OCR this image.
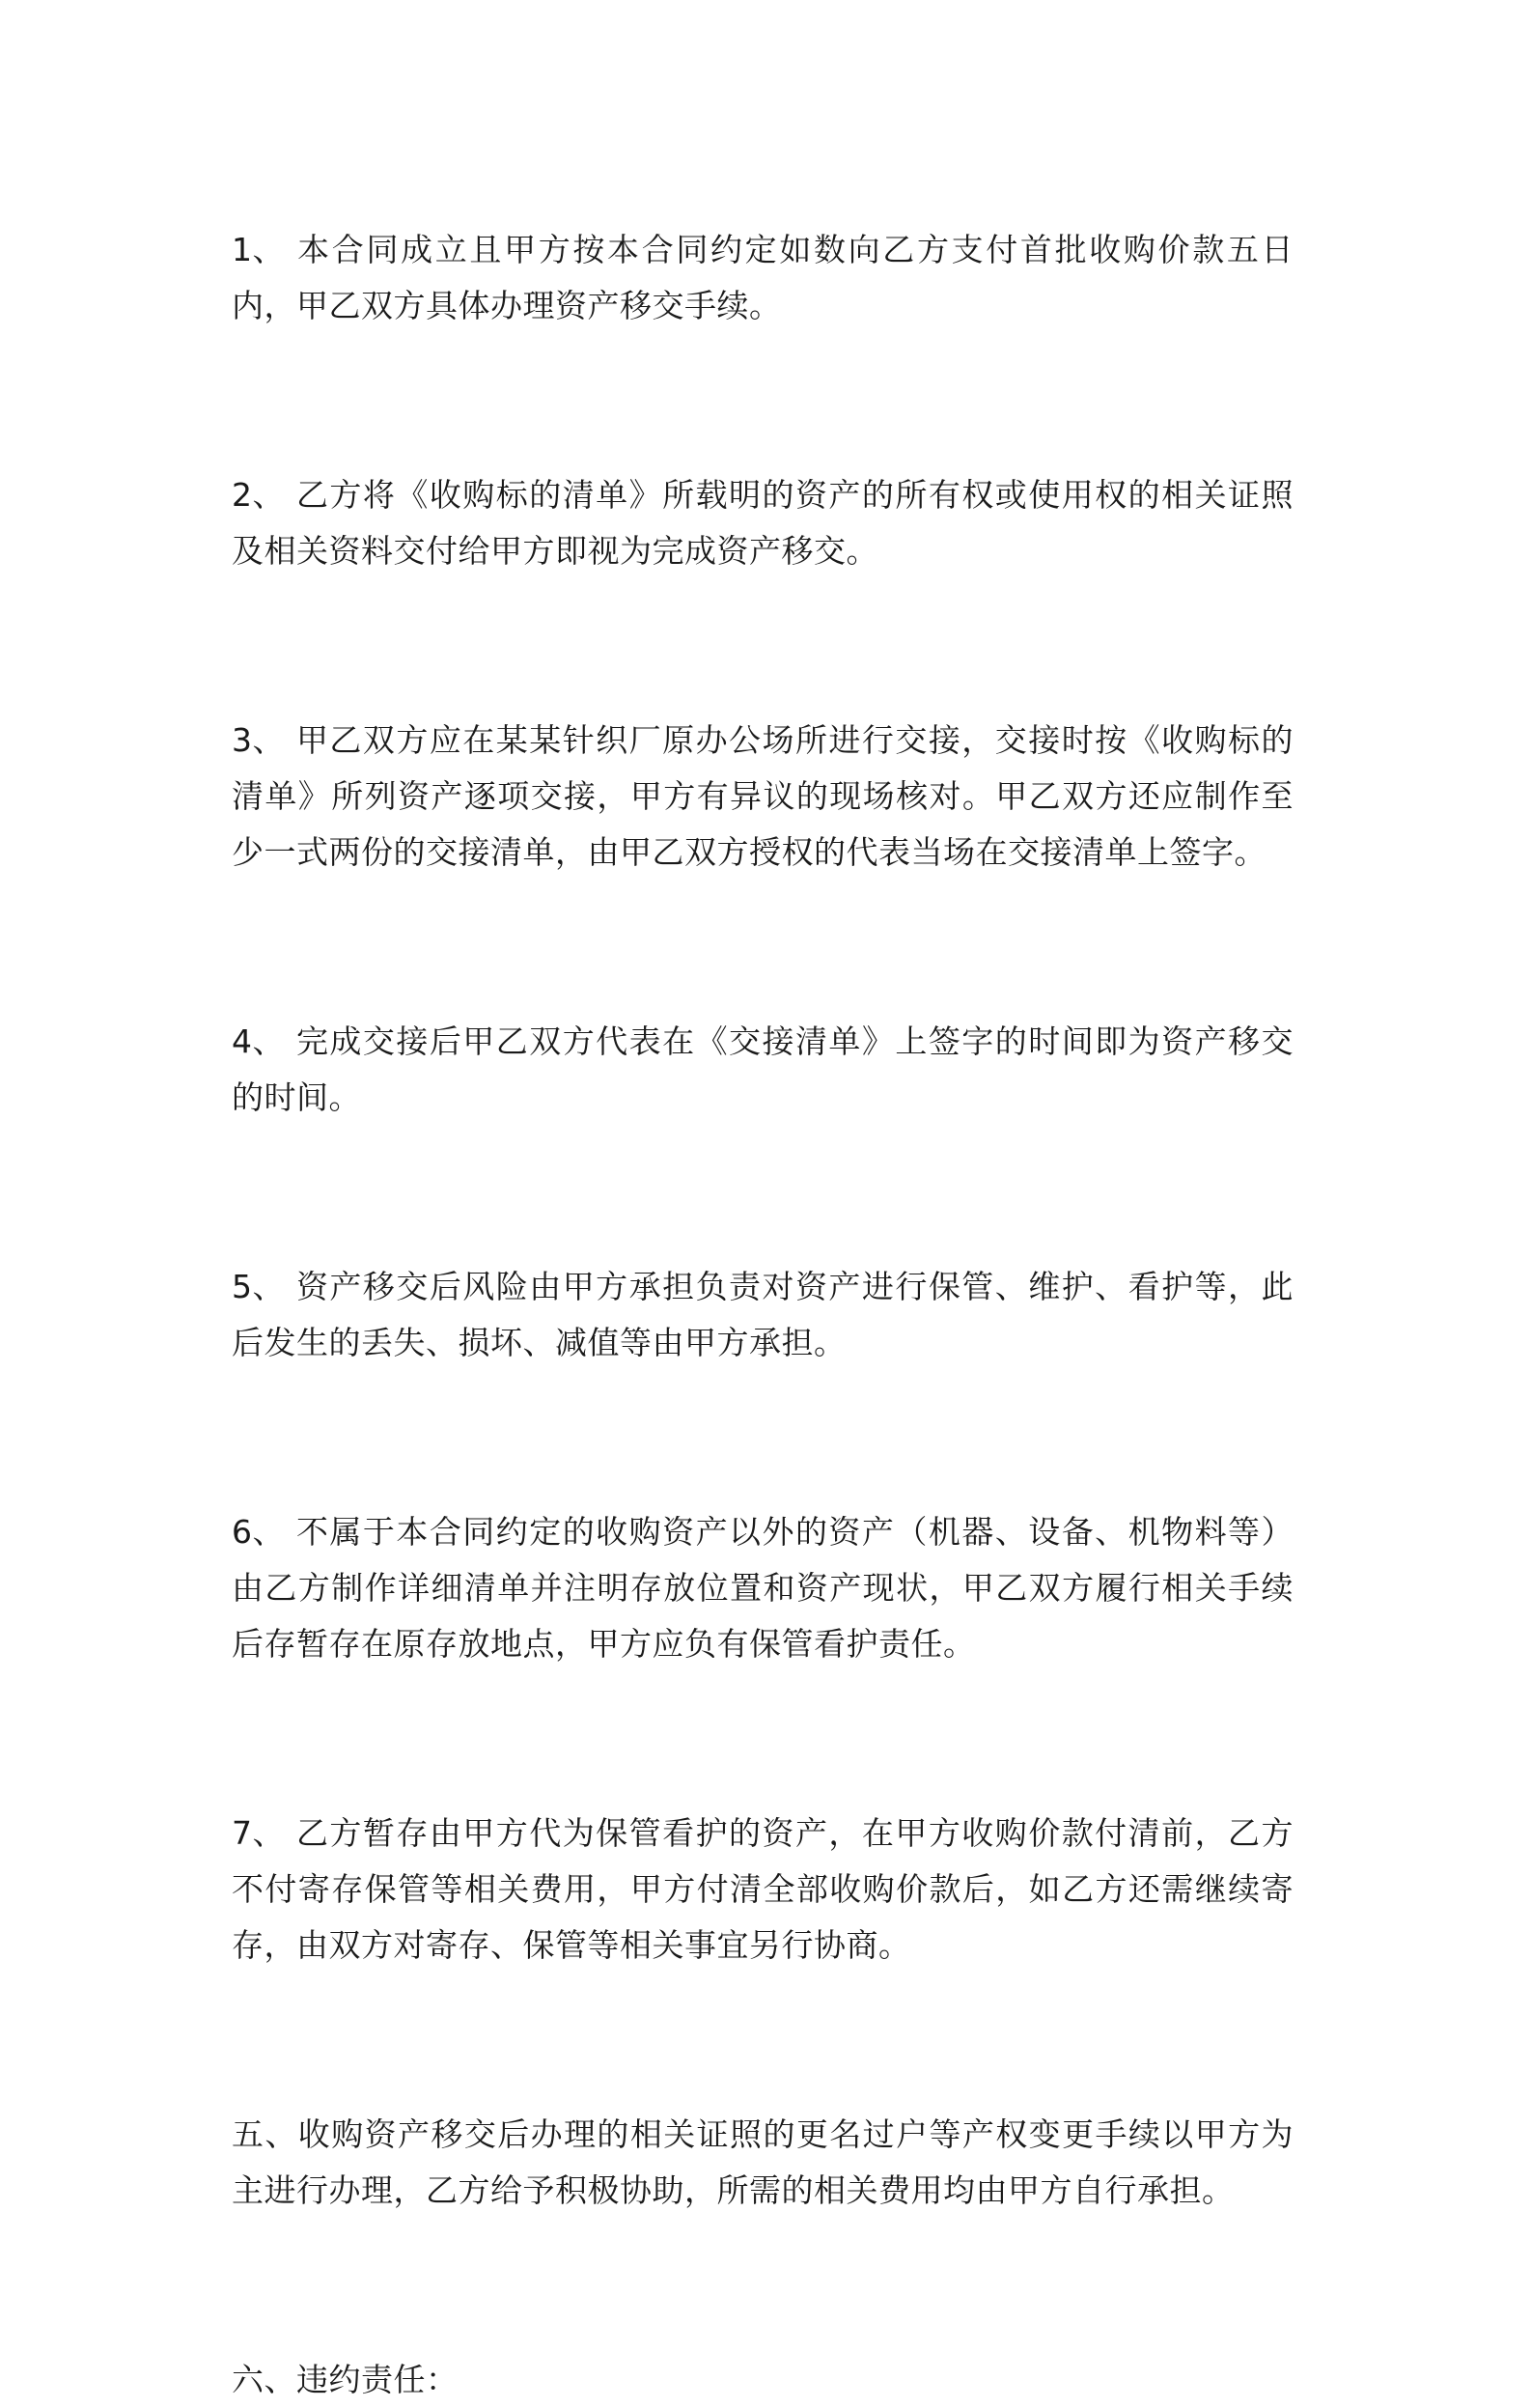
1、 本合同成立且甲方按本合同约定如数向乙方支付首批收购价款五日内，甲乙双方具体办理资产移交手续。

2、 乙方将《收购标的清单》所载明的资产的所有权或使用权的相关证照及相关资料交付给甲方即视为完成资产移交。

3、 甲乙双方应在某某针织厂原办公场所进行交接，交接时按《收购标的清单》所列资产逐项交接，甲方有异议的现场核对。甲乙双方还应制作至少一式两份的交接清单，由甲乙双方授权的代表当场在交接清单上签字。

4、 完成交接后甲乙双方代表在《交接清单》上签字的时间即为资产移交的时间。

5、 资产移交后风险由甲方承担负责对资产进行保管、维护、看护等，此后发生的丢失、损坏、减值等由甲方承担。

6、 不属于本合同约定的收购资产以外的资产（机器、设备、机物料等）由乙方制作详细清单并注明存放位置和资产现状，甲乙双方履行相关手续后存暂存在原存放地点，甲方应负有保管看护责任。

7、 乙方暂存由甲方代为保管看护的资产，在甲方收购价款付清前，乙方不付寄存保管等相关费用，甲方付清全部收购价款后，如乙方还需继续寄存，由双方对寄存、保管等相关事宜另行协商。

五、收购资产移交后办理的相关证照的更名过户等产权变更手续以甲方为主进行办理，乙方给予积极协助，所需的相关费用均由甲方自行承担。

六、违约责任：
